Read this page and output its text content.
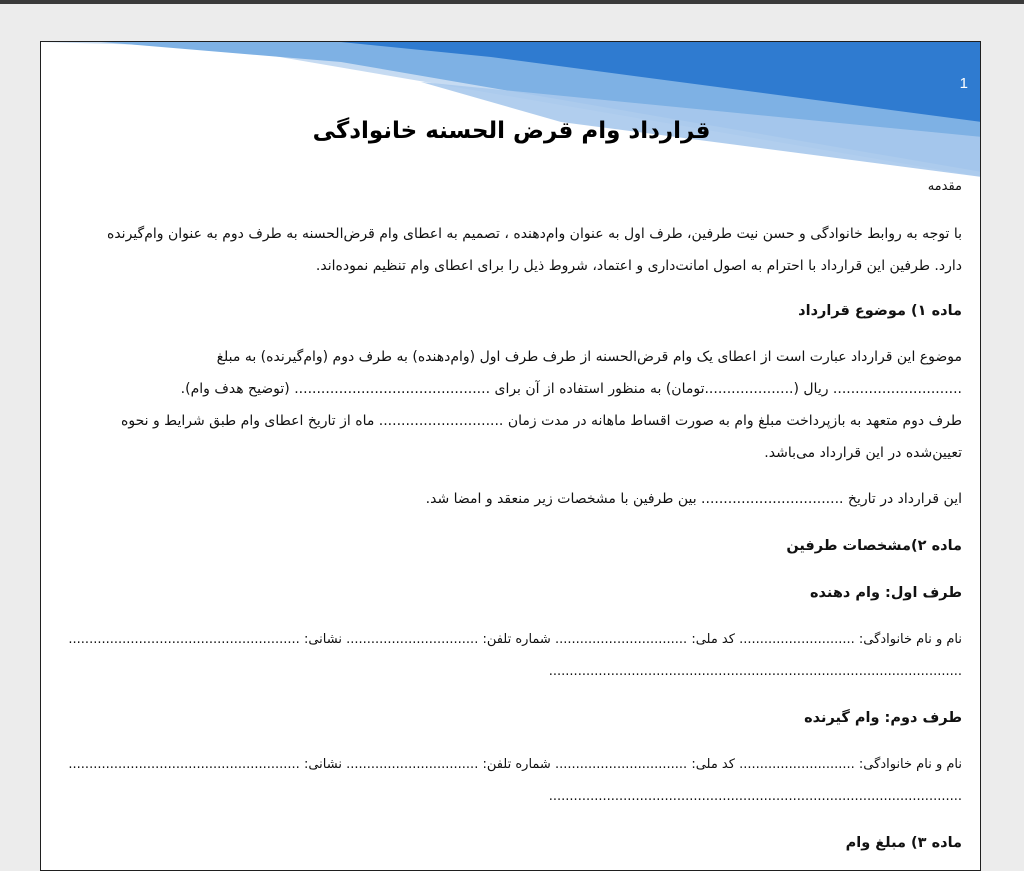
1
قرارداد وام قرض الحسنه خانوادگی

مقدمه

با توجه به روابط خانوادگی و حسن نیت طرفین، طرف اول به عنوان وام‌دهنده ، تصمیم به اعطای وام قرض‌الحسنه به طرف دوم به عنوان وام‌گیرنده

دارد. طرفین این قرارداد با احترام به اصول امانت‌داری و اعتماد، شروط ذیل را برای اعطای وام تنظیم نموده‌اند.

ماده ۱) موضوع قرارداد

موضوع این قرارداد عبارت است از اعطای یک وام قرض‌الحسنه از طرف طرف اول (وام‌دهنده) به طرف دوم (وام‌گیرنده) به مبلغ

............................. ریال (....................تومان) به منظور استفاده از آن برای ............................................ (توضیح هدف وام).

طرف دوم متعهد به بازپرداخت مبلغ وام به صورت اقساط ماهانه در مدت زمان ............................ ماه از تاریخ اعطای وام طبق شرایط و نحوه

تعیین‌شده در این قرارداد می‌باشد.

این قرارداد در تاریخ ................................ بین طرفین با مشخصات زیر منعقد و امضا شد.

ماده ۲)مشخصات طرفین

طرف اول: وام دهنده

نام و نام خانوادگی: ............................ کد ملی: ................................ شماره تلفن: ................................ نشانی: ........................................................

....................................................................................................

طرف دوم: وام گیرنده

نام و نام خانوادگی: ............................ کد ملی: ................................ شماره تلفن: ................................ نشانی: ........................................................

....................................................................................................

ماده ۳) مبلغ وام
